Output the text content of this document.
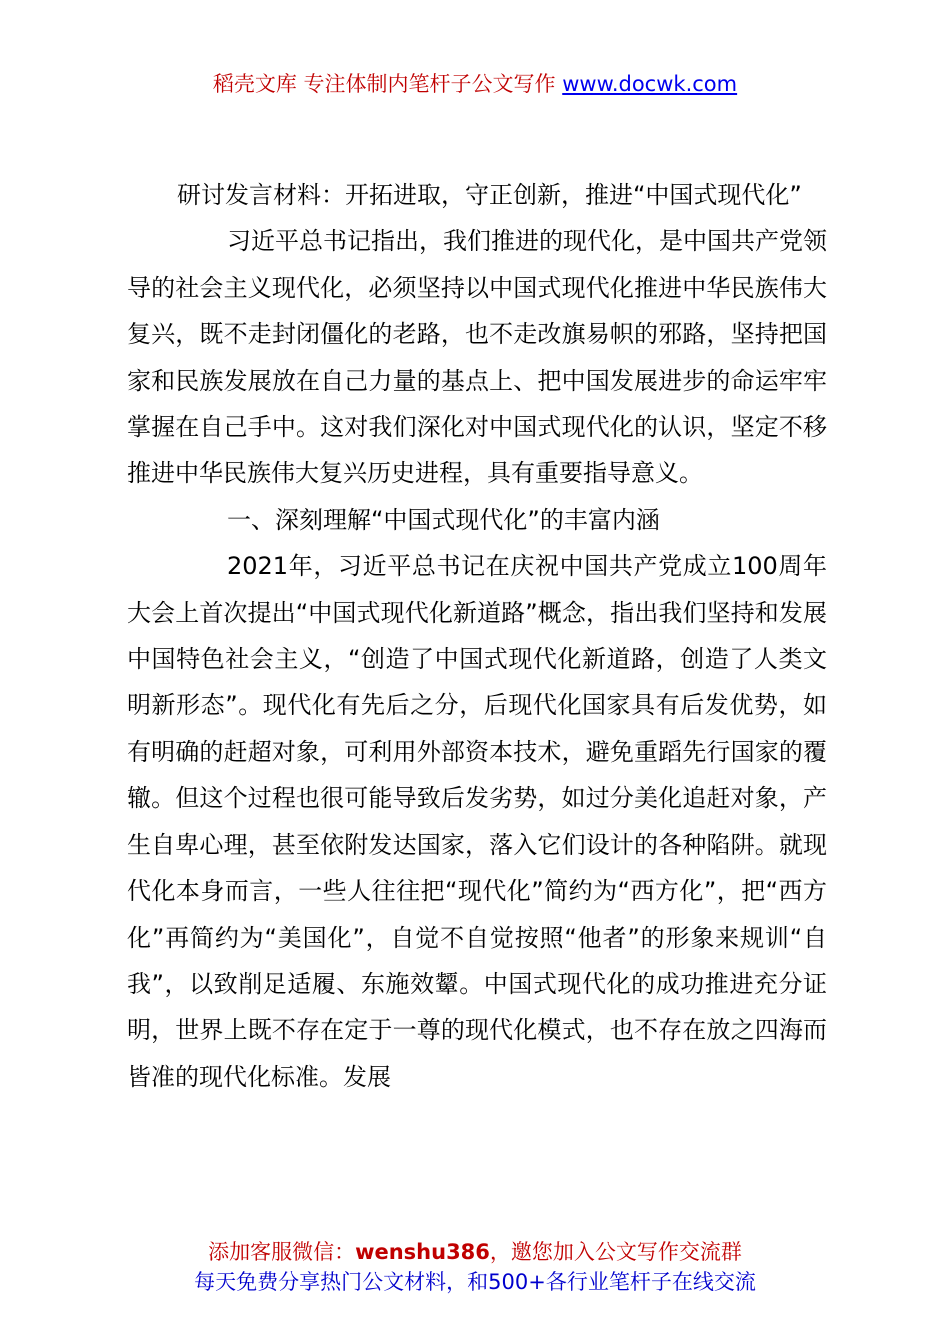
稻壳文库 专注体制内笔杆子公文写作 www.docwk.com

研讨发言材料：开拓进取，守正创新，推进“中国式现代化”

习近平总书记指出，我们推进的现代化，是中国共产党领导的社会主义现代化，必须坚持以中国式现代化推进中华民族伟大复兴，既不走封闭僵化的老路，也不走改旗易帜的邪路，坚持把国家和民族发展放在自己力量的基点上、把中国发展进步的命运牢牢掌握在自己手中。这对我们深化对中国式现代化的认识，坚定不移推进中华民族伟大复兴历史进程，具有重要指导意义。

一、深刻理解“中国式现代化”的丰富内涵

2021年，习近平总书记在庆祝中国共产党成立100周年大会上首次提出“中国式现代化新道路”概念，指出我们坚持和发展中国特色社会主义，“创造了中国式现代化新道路，创造了人类文明新形态”。现代化有先后之分，后现代化国家具有后发优势，如有明确的赶超对象，可利用外部资本技术，避免重蹈先行国家的覆辙。但这个过程也很可能导致后发劣势，如过分美化追赶对象，产生自卑心理，甚至依附发达国家，落入它们设计的各种陷阱。就现代化本身而言，一些人往往把“现代化”简约为“西方化”，把“西方化”再简约为“美国化”，自觉不自觉按照“他者”的形象来规训“自我”，以致削足适履、东施效颦。中国式现代化的成功推进充分证明，世界上既不存在定于一尊的现代化模式，也不存在放之四海而皆准的现代化标准。发展

添加客服微信：wenshu386，邀您加入公文写作交流群
每天免费分享热门公文材料，和500+各行业笔杆子在线交流
